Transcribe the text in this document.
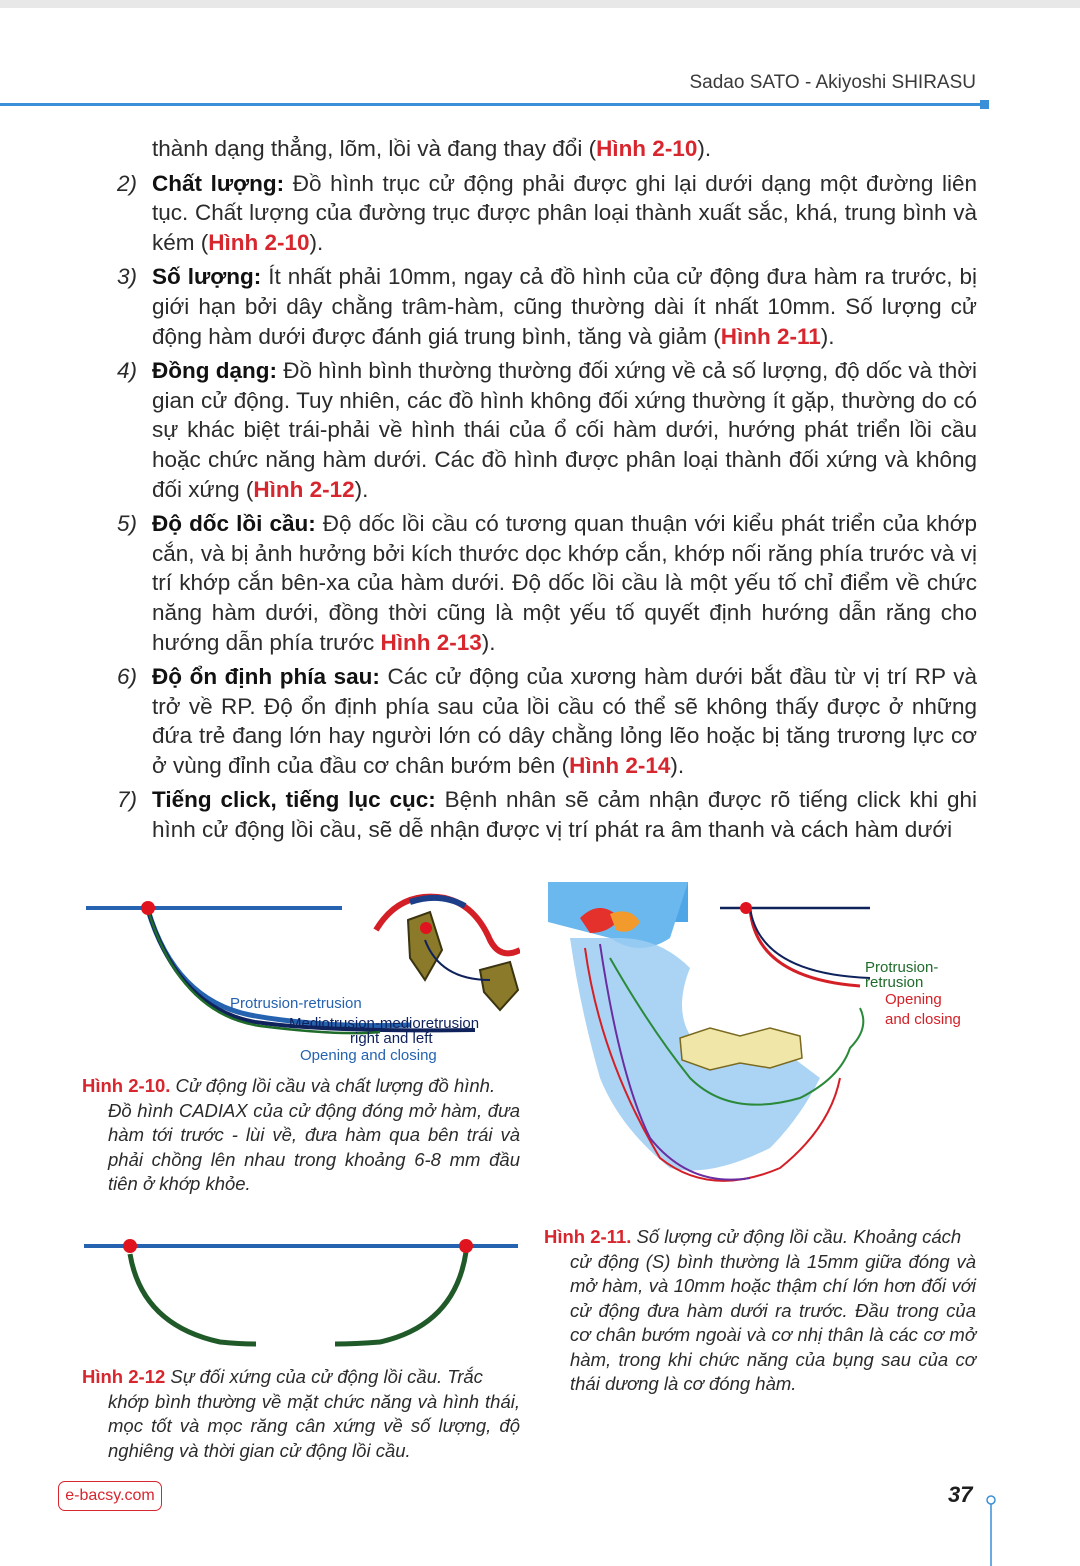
Sadao SATO - Akiyoshi SHIRASU

thành dạng thẳng, lõm, lồi và đang thay đổi (Hình 2-10).

2) Chất lượng: Đồ hình trục cử động phải được ghi lại dưới dạng một đường liên tục. Chất lượng của đường trục được phân loại thành xuất sắc, khá, trung bình và kém (Hình 2-10).

3) Số lượng: Ít nhất phải 10mm, ngay cả đồ hình của cử động đưa hàm ra trước, bị giới hạn bởi dây chằng trâm-hàm, cũng thường dài ít nhất 10mm. Số lượng cử động hàm dưới được đánh giá trung bình, tăng và giảm (Hình 2-11).

4) Đồng dạng: Đồ hình bình thường thường đối xứng về cả số lượng, độ dốc và thời gian cử động. Tuy nhiên, các đồ hình không đối xứng thường ít gặp, thường do có sự khác biệt trái-phải về hình thái của ổ cối hàm dưới, hướng phát triển lồi cầu hoặc chức năng hàm dưới. Các đồ hình được phân loại thành đối xứng và không đối xứng (Hình 2-12).

5) Độ dốc lồi cầu: Độ dốc lồi cầu có tương quan thuận với kiểu phát triển của khớp cắn, và bị ảnh hưởng bởi kích thước dọc khớp cắn, khớp nối răng phía trước và vị trí khớp cắn bên-xa của hàm dưới. Độ dốc lồi cầu là một yếu tố chỉ điểm về chức năng hàm dưới, đồng thời cũng là một yếu tố quyết định hướng dẫn răng cho hướng dẫn phía trước Hình 2-13).

6) Độ ổn định phía sau: Các cử động của xương hàm dưới bắt đầu từ vị trí RP và trở về RP. Độ ổn định phía sau của lồi cầu có thể sẽ không thấy được ở những đứa trẻ đang lớn hay người lớn có dây chằng lỏng lẽo hoặc bị tăng trương lực cơ ở vùng đỉnh của đầu cơ chân bướm bên (Hình 2-14).

7) Tiếng click, tiếng lục cục: Bệnh nhân sẽ cảm nhận được rõ tiếng click khi ghi hình cử động lồi cầu, sẽ dễ nhận được vị trí phát ra âm thanh và cách hàm dưới

Protrusion-retrusion
Mediotrusion-medioretrusion
right and left
Opening and closing
Hình 2-10. Cử động lồi cầu và chất lượng đồ hình.
Đồ hình CADIAX của cử động đóng mở hàm, đưa hàm tới trước - lùi về, đưa hàm qua bên trái và phải chồng lên nhau trong khoảng 6-8 mm đầu tiên ở khớp khỏe.
Protrusion-
retrusion
Opening
and closing
Hình 2-11. Số lượng cử động lồi cầu. Khoảng cách
cử động (S) bình thường là 15mm giữa đóng và mở hàm, và 10mm hoặc thậm chí lớn hơn đối với cử động đưa hàm dưới ra trước. Đầu trong của cơ chân bướm ngoài và cơ nhị thân là các cơ mở hàm, trong khi chức năng của bụng sau của cơ thái dương là cơ đóng hàm.
Hình 2-12 Sự đối xứng của cử động lồi cầu. Trắc
khớp bình thường về mặt chức năng và hình thái, mọc tốt và mọc răng cân xứng về số lượng, độ nghiêng và thời gian cử động lồi cầu.
e-bacsy.com	37
